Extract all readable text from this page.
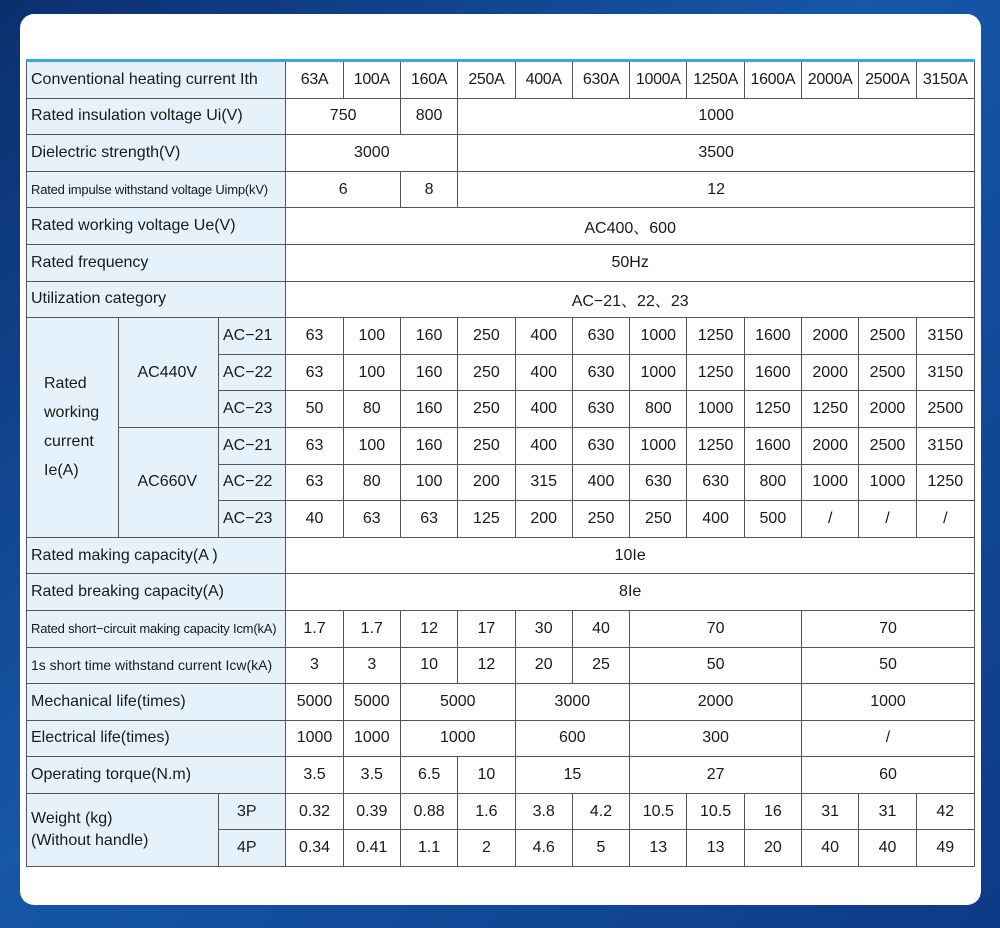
Conventional heating current Ith			63A	100A	160A	250A	400A	630A	1000A	1250A	1600A	2000A	2500A	3150A
Rated insulation voltage Ui(V)			750		800	1000								
Dielectric strength(V)			3000			3500								
Rated impulse withstand voltage Uimp(kV)			6		8	12								
Rated working voltage Ue(V)			AC400、600											
Rated frequency			50Hz											
Utilization category			AC−21、22、23											
Rated working current Ie(A)	AC440V	AC−21	63	100	160	250	400	630	1000	1250	1600	2000	2500	3150
		AC−22	63	100	160	250	400	630	1000	1250	1600	2000	2500	3150
		AC−23	50	80	160	250	400	630	800	1000	1250	1250	2000	2500
	AC660V	AC−21	63	100	160	250	400	630	1000	1250	1600	2000	2500	3150
		AC−22	63	80	100	200	315	400	630	630	800	1000	1000	1250
		AC−23	40	63	63	125	200	250	250	400	500	/	/	/
Rated making capacity(A )			10Ie											
Rated breaking capacity(A)			8Ie											
Rated short−circuit making capacity Icm(kA)			1.7	1.7	12	17	30	40	70			70		
1s short time withstand current Icw(kA)			3	3	10	12	20	25	50			50		
Mechanical life(times)			5000	5000	5000		3000		2000			1000		
Electrical life(times)			1000	1000	1000		600		300			/		
Operating torque(N.m)			3.5	3.5	6.5	10	15		27			60		
Weight (kg)
(Without handle)		3P	0.32	0.39	0.88	1.6	3.8	4.2	10.5	10.5	16	31	31	42
		4P	0.34	0.41	1.1	2	4.6	5	13	13	20	40	40	49
